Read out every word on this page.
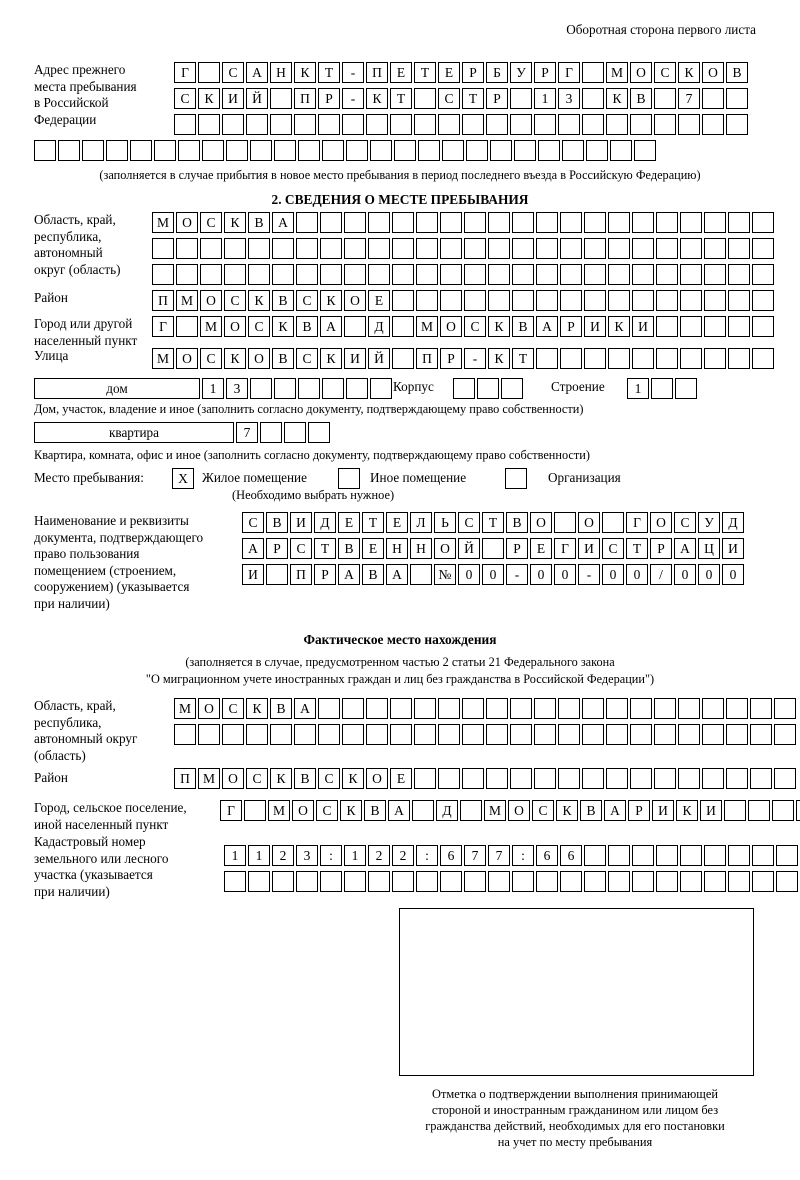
Оборотная сторона первого листа
Адрес прежнего
места пребывания
в Российской
Федерации
Г	С	А	Н	К	Т	-	П	Е	Т	Е	Р	Б	У	Р	Г	М О	С	К	О	В
С	К	И	Й	П	Р	-	К	Т	С	Т	Р	1	3	К	В	7
(заполняется в случае прибытия в новое место пребывания в период последнего въезда в Российскую Федерацию)
2. СВЕДЕНИЯ О МЕСТЕ ПРЕБЫВАНИЯ
Область, край,
республика,
автономный
округ (область)
М О	С	К	В	А
Район	П М О	С	К	В	С	К	О	Е
Город или другой
населенный пункт
Г	М О	С	К	В	А	Д	М О	С	К	В	А	Р	И	К	И
Улица	М О	С	К	О	В	С	К	И	Й	П	Р	-	К	Т
дом	1	3	Корпус	Строение	1
Дом, участок, владение и иное (заполнить согласно документу, подтверждающему право собственности)
квартира	7
Квартира, комната, офис и иное (заполнить согласно документу, подтверждающему право собственности)
Место пребывания:	Х	Жилое помещение	Иное помещение	Организация
(Необходимо выбрать нужное)
Наименование и реквизиты
документа, подтверждающего
право пользования
помещением (строением,
сооружением) (указывается
при наличии)
С	В	И	Д	Е	Т	Е	Л	Ь	С	Т	В	О	О	Г	О	С	У	Д
А	Р	С	Т	В	Е	Н	Н	О	Й	Р	Е	Г	И	С	Т	Р	А	Ц	И
И	П	Р	А	В	А	№	0	0	-	0	0	-	0	0	/	0	0	0
Фактическое место нахождения
(заполняется в случае, предусмотренном частью 2 статьи 21 Федерального закона
"О миграционном учете иностранных граждан и лиц без гражданства в Российской Федерации")
Область, край,
республика,
автономный округ
(область)
М О	С	К	В	А
Район	П М О	С	К	В	С	К	О	Е
Город, сельское поселение,
иной населенный пункт
Г	М О	С	К	В	А	Д	М О	С	К	В	А	Р	И	К	И
Кадастровый номер
земельного или лесного
участка (указывается
при наличии)
1	1	2	3	:	1	2	2	:	6	7	7	:	6	6
Отметка о подтверждении выполнения принимающей
стороной и иностранным гражданином или лицом без
гражданства действий, необходимых для его постановки
на учет по месту пребывания
